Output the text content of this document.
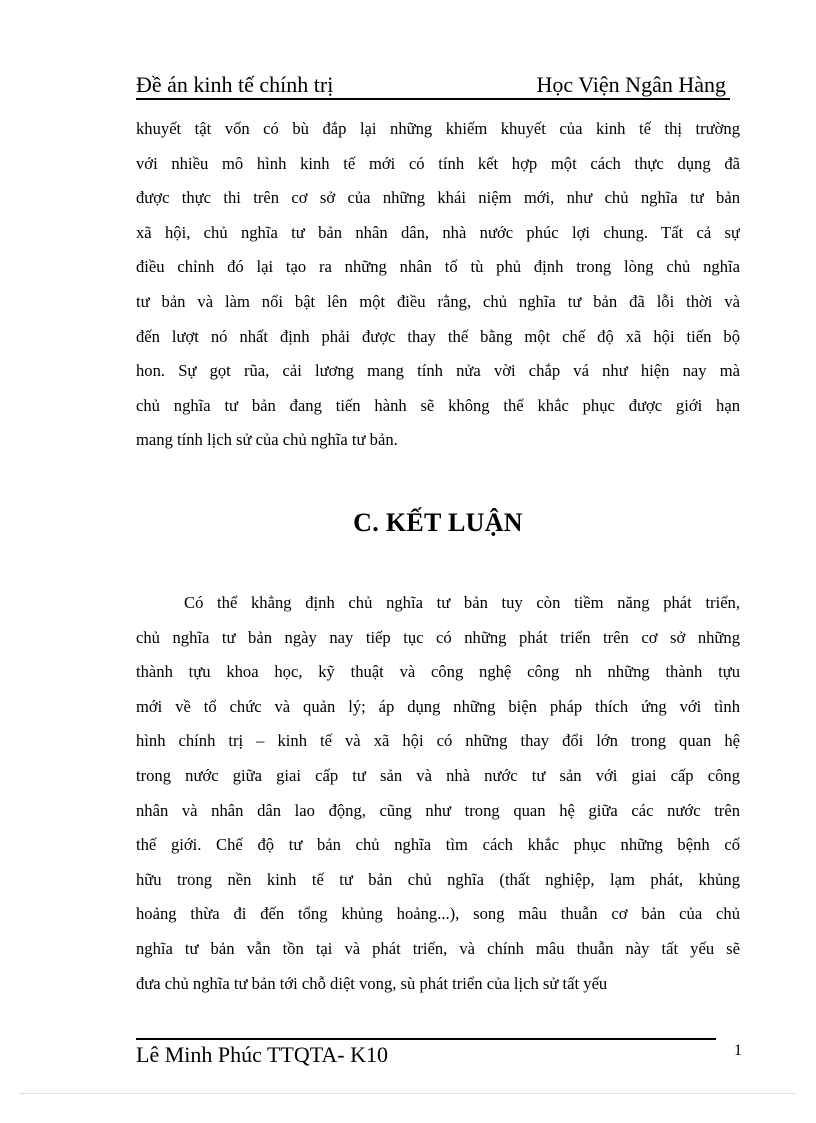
Đề án kinh tế chính trị	Học Viện Ngân Hàng
khuyết tật vốn có bù đắp lại những khiếm khuyết của kinh tế thị trường
với nhiều mô hình kinh tế mới có tính kết hợp một cách thực dụng đã
được thực thi trên cơ sở của những khái niệm mới, như chủ nghĩa tư bản
xã hội, chủ nghĩa tư bản nhân dân, nhà nước phúc lợi chung. Tất cả sự
điều chỉnh đó lại tạo ra những nhân tố tù phủ định trong lòng chủ nghĩa
tư bản và làm nổi bật lên một điều rằng, chủ nghĩa tư bản đã lỗi thời và
đến lượt nó nhất định phải được thay thế bằng một chế độ xã hội tiến bộ
hon. Sự gọt rũa, cải lương mang tính nửa vời chắp vá như hiện nay mà
chủ nghĩa tư bản đang tiến hành sẽ không thể khắc phục được giới hạn
mang tính lịch sử của chủ nghĩa tư bản.
C. KẾT LUẬN
Có thể khẳng định chủ nghĩa tư bản tuy còn tiềm năng phát triển,
chủ nghĩa tư bản ngày nay tiếp tục có những phát triển trên cơ sở những
thành tựu khoa học, kỹ thuật và công nghệ công nh những thành tựu
mới về tổ chức và quản lý; áp dụng những biện pháp thích ứng với tình
hình chính trị – kinh tế và xã hội có những thay đổi lớn trong quan hệ
trong nước giữa giai cấp tư sản và nhà nước tư sản với giai cấp công
nhân và nhân dân lao động, cũng như trong quan hệ giữa các nước trên
thế giới. Chế độ tư bản chủ nghĩa tìm cách khắc phục những bệnh cố
hữu trong nền kinh tế tư bản chủ nghĩa (thất nghiệp, lạm phát, khủng
hoảng thừa đi đến tổng khủng hoảng...), song mâu thuẫn cơ bản của chủ
nghĩa tư bản vẫn tồn tại và phát triển, và chính mâu thuẫn này tất yếu sẽ
đưa chủ nghĩa tư bản tới chỗ diệt vong, sù phát triển của lịch sử tất yếu
Lê Minh Phúc TTQTA- K10	1
